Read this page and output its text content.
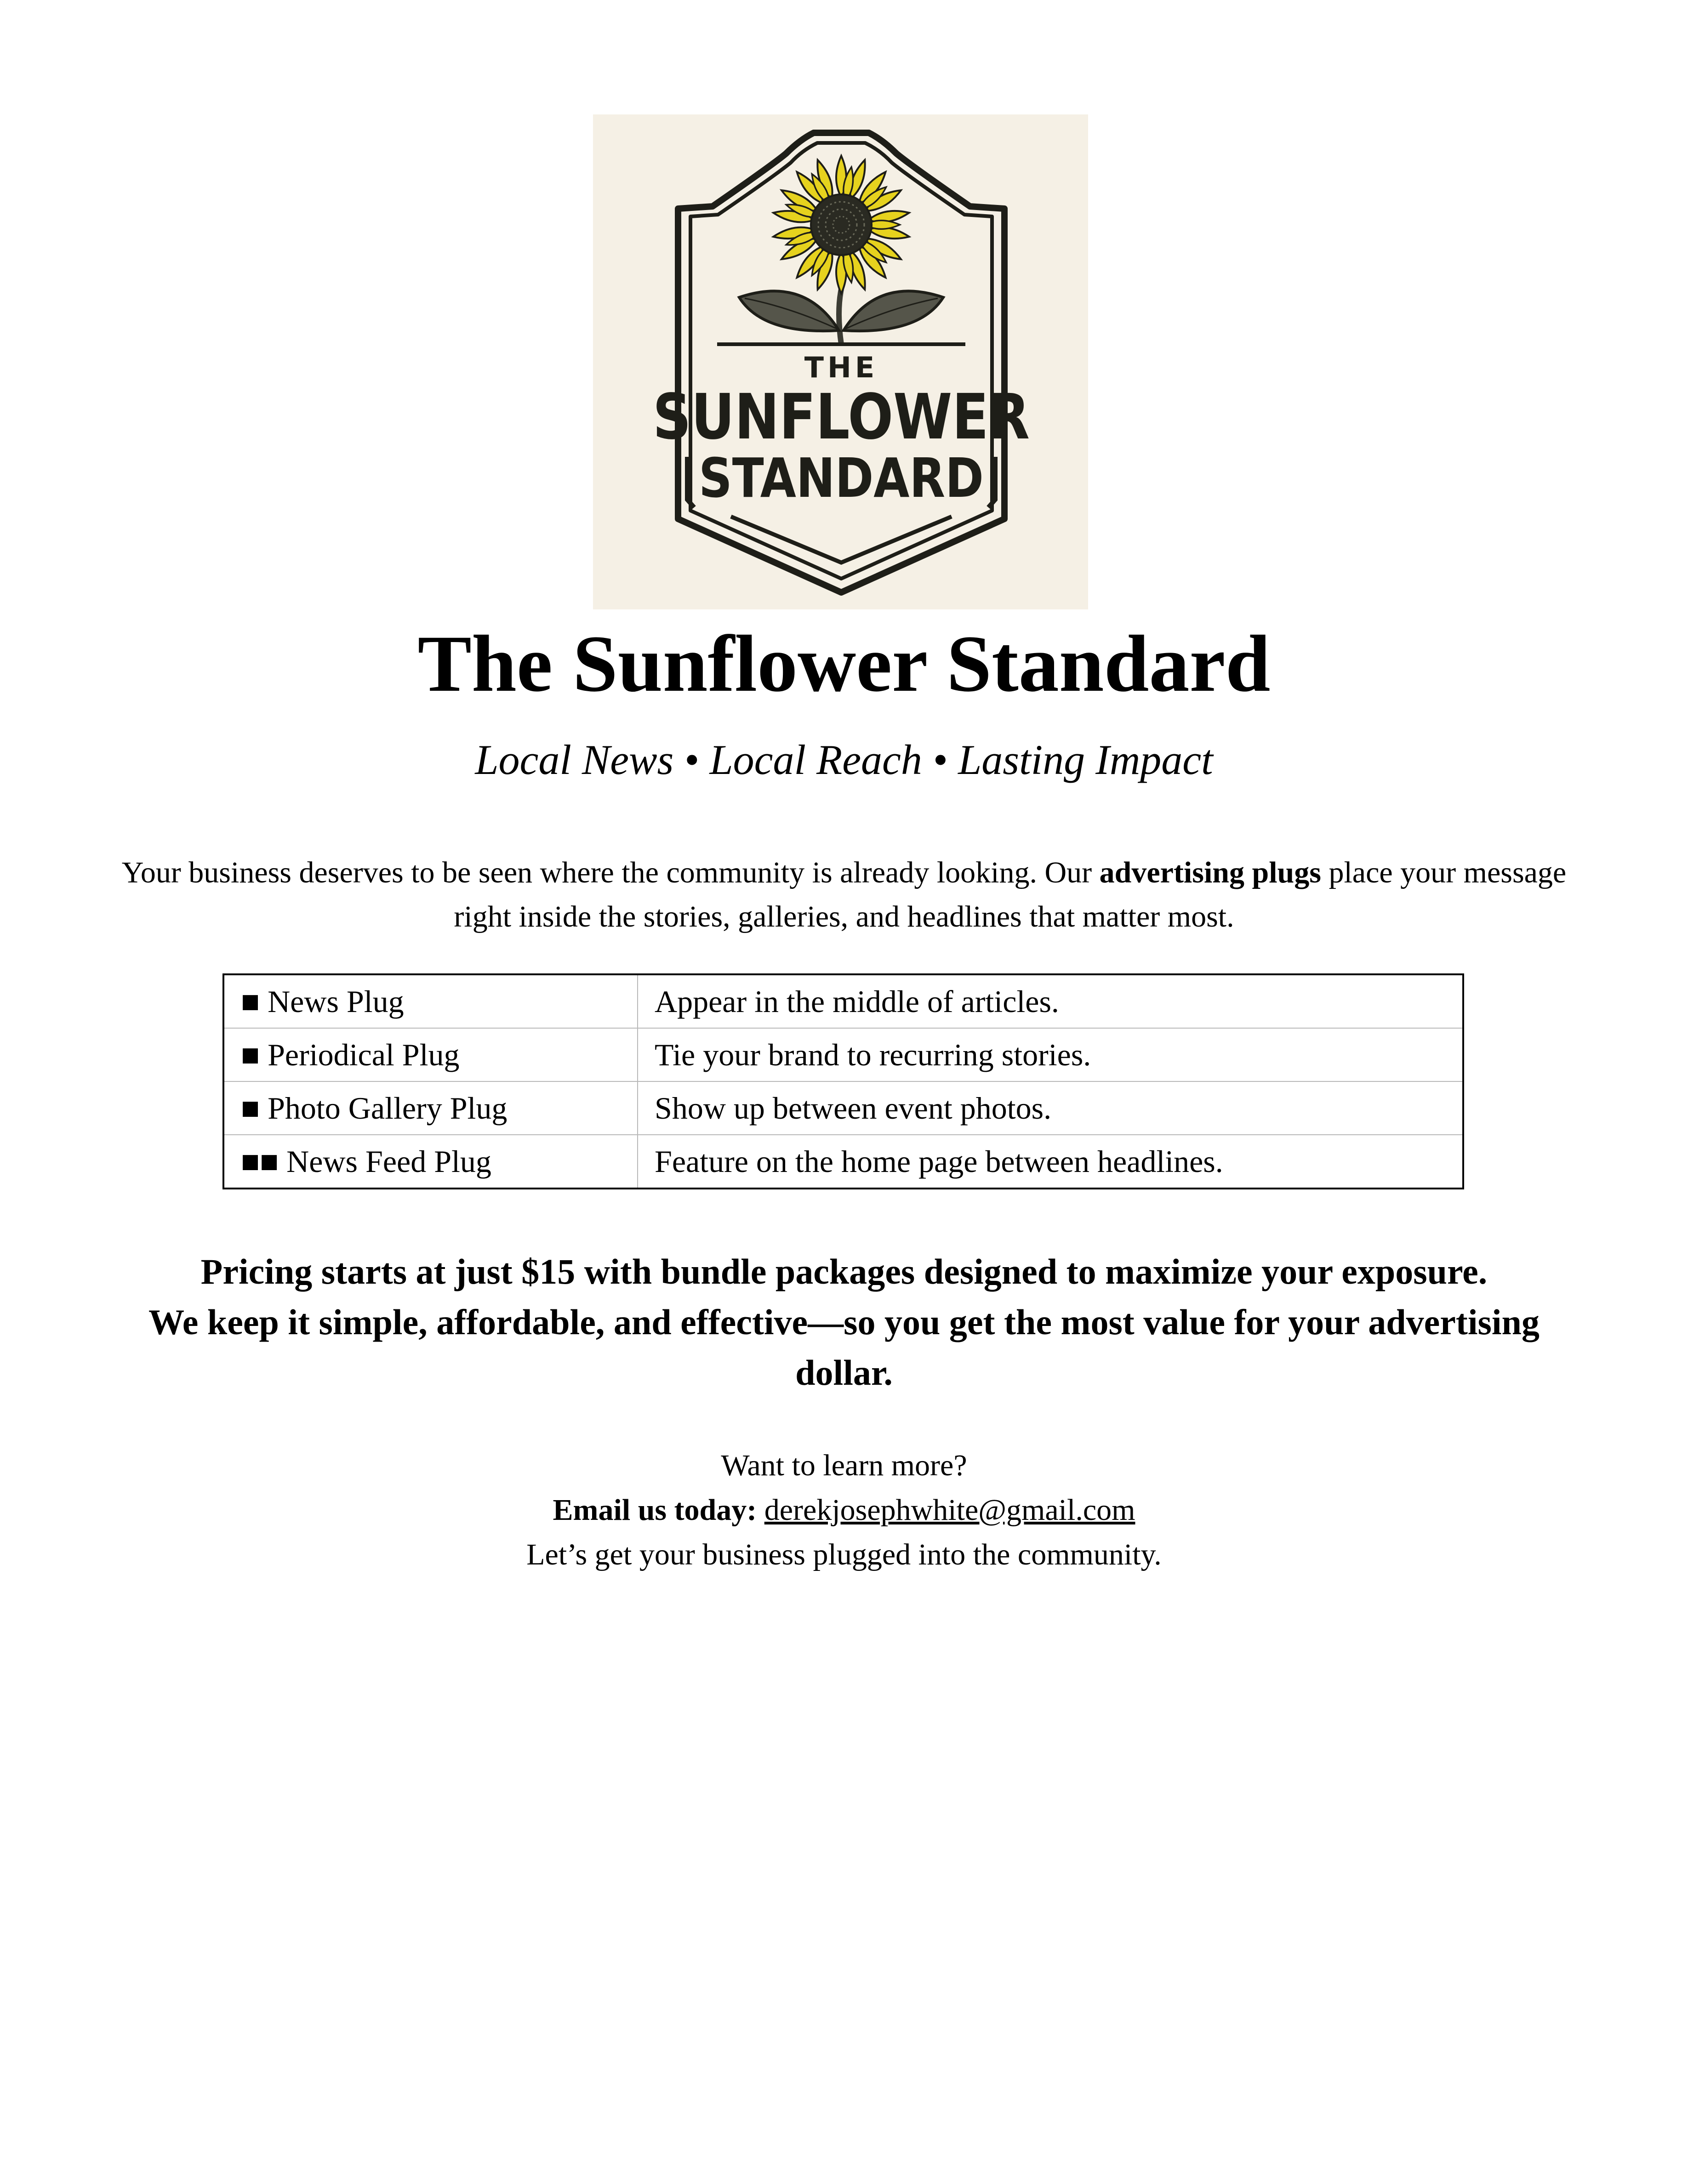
THE
SUNFLOWER
STANDARD
The Sunflower Standard
Local News • Local Reach • Lasting Impact
Your business deserves to be seen where the community is already looking. Our advertising plugs place your message right inside the stories, galleries, and headlines that matter most.
■ News Plug	Appear in the middle of articles.
■ Periodical Plug	Tie your brand to recurring stories.
■ Photo Gallery Plug	Show up between event photos.
■■ News Feed Plug	Feature on the home page between headlines.
Pricing starts at just $15 with bundle packages designed to maximize your exposure.
We keep it simple, affordable, and effective—so you get the most value for your advertising dollar.
Want to learn more?
Email us today: derekjosephwhite@gmail.com
Let’s get your business plugged into the community.
